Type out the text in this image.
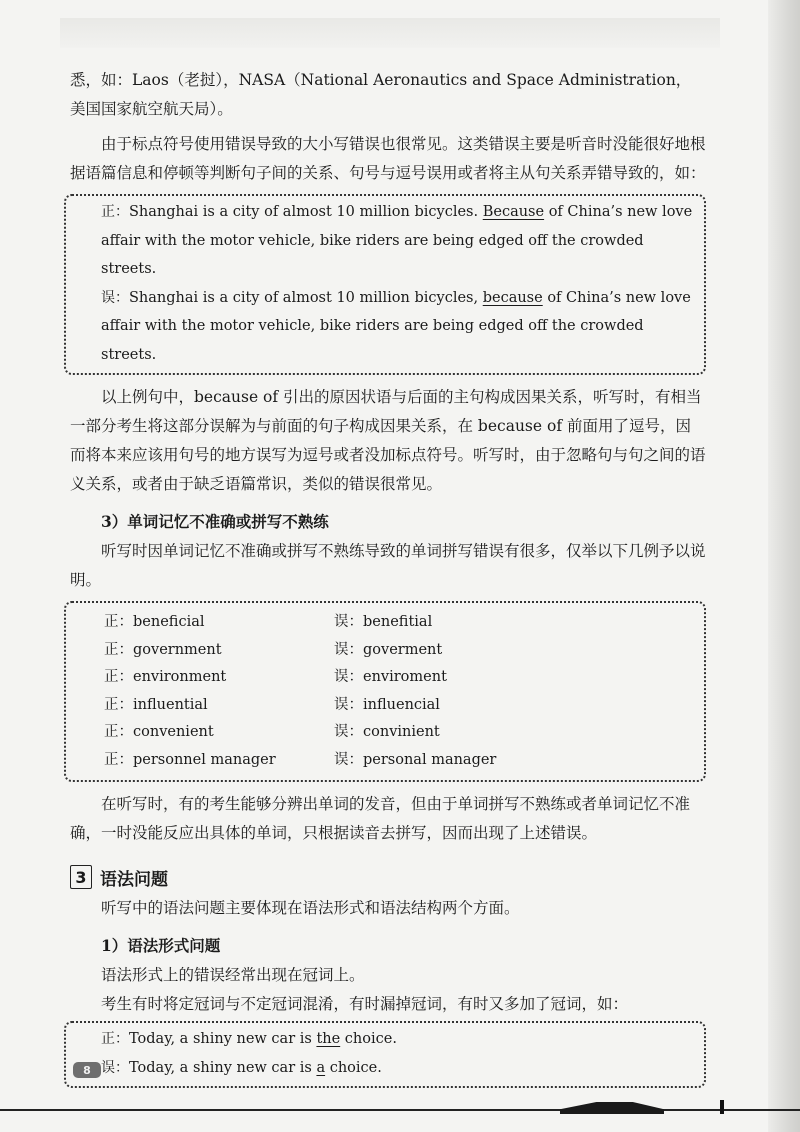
悉，如：Laos（老挝），NASA（National Aeronautics and Space Administration，美国国家航空航天局）。

由于标点符号使用错误导致的大小写错误也很常见。这类错误主要是听音时没能很好地根据语篇信息和停顿等判断句子间的关系、句号与逗号误用或者将主从句关系弄错导致的，如：

正：Shanghai is a city of almost 10 million bicycles. Because of China’s new love affair with the motor vehicle, bike riders are being edged off the crowded streets.

误：Shanghai is a city of almost 10 million bicycles, because of China’s new love affair with the motor vehicle, bike riders are being edged off the crowded streets.

以上例句中，because of 引出的原因状语与后面的主句构成因果关系，听写时，有相当一部分考生将这部分误解为与前面的句子构成因果关系，在 because of 前面用了逗号，因而将本来应该用句号的地方误写为逗号或者没加标点符号。听写时，由于忽略句与句之间的语义关系，或者由于缺乏语篇常识，类似的错误很常见。

3）单词记忆不准确或拼写不熟练

听写时因单词记忆不准确或拼写不熟练导致的单词拼写错误有很多，仅举以下几例予以说明。

正：beneficial	误：benefitial
正：government	误：goverment
正：environment	误：enviroment
正：influential	误：influencial
正：convenient	误：convinient
正：personnel manager	误：personal manager

在听写时，有的考生能够分辨出单词的发音，但由于单词拼写不熟练或者单词记忆不准确，一时没能反应出具体的单词，只根据读音去拼写，因而出现了上述错误。

3 语法问题

听写中的语法问题主要体现在语法形式和语法结构两个方面。

1）语法形式问题

语法形式上的错误经常出现在冠词上。

考生有时将定冠词与不定冠词混淆，有时漏掉冠词，有时又多加了冠词，如：

正：Today, a shiny new car is the choice.

误：Today, a shiny new car is a choice.

8
